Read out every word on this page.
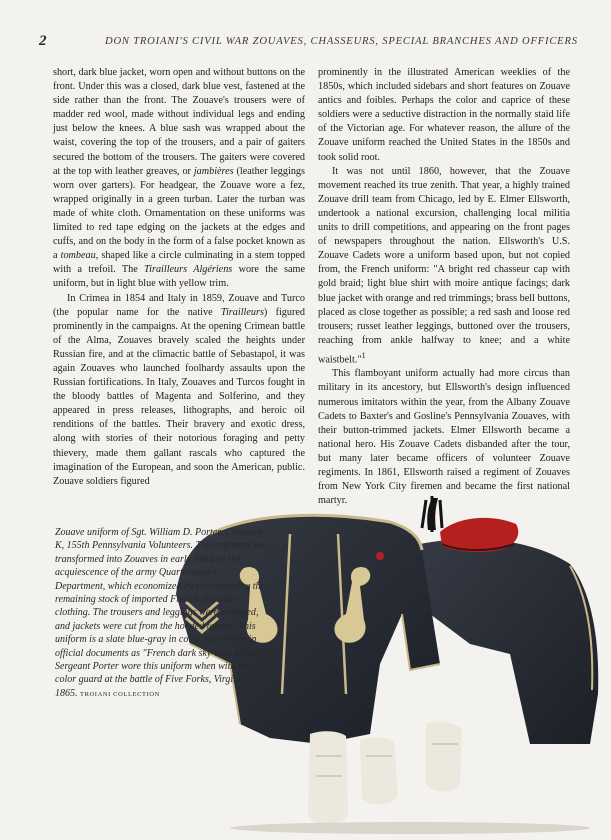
2	DON TROIANI'S CIVIL WAR ZOUAVES, CHASSEURS, SPECIAL BRANCHES AND OFFICERS

short, dark blue jacket, worn open and without buttons on the front. Under this was a closed, dark blue vest, fastened at the side rather than the front. The Zouave's trousers were of madder red wool, made without individual legs and ending just below the knees. A blue sash was wrapped about the waist, covering the top of the trousers, and a pair of gaiters secured the bottom of the trousers. The gaiters were covered at the top with leather greaves, or jambières (leather leggings worn over garters). For headgear, the Zouave wore a fez, wrapped originally in a green turban. Later the turban was made of white cloth. Ornamentation on these uniforms was limited to red tape edging on the jackets at the edges and cuffs, and on the body in the form of a false pocket known as a tombeau, shaped like a circle culminating in a stem topped with a trefoil. The Tirailleurs Algériens wore the same uniform, but in light blue with yellow trim.

In Crimea in 1854 and Italy in 1859, Zouave and Turco (the popular name for the native Tirailleurs) figured prominently in the campaigns. At the opening Crimean battle of the Alma, Zouaves bravely scaled the heights under Russian fire, and at the climactic battle of Sebastapol, it was again Zouaves who launched foolhardy assaults upon the Russian fortifications. In Italy, Zouaves and Turcos fought in the bloody battles of Magenta and Solferino, and they appeared in press releases, lithographs, and heroic oil renditions of the battles. Their bravery and exotic dress, along with stories of their notorious foraging and petty thievery, made them gallant rascals who captured the imagination of the European, and soon the American, public. Zouave soldiers figured

prominently in the illustrated American weeklies of the 1850s, which included sidebars and short features on Zouave antics and foibles. Perhaps the color and caprice of these soldiers were a seductive distraction in the normally staid life of the Victorian age. For whatever reason, the allure of the Zouave uniform reached the United States in the 1850s and took solid root.

It was not until 1860, however, that the Zouave movement reached its true zenith. That year, a highly trained Zouave drill team from Chicago, led by E. Elmer Ellsworth, undertook a national excursion, challenging local militia units to drill competitions, and appearing on the front pages of newspapers throughout the nation. Ellsworth's U.S. Zouave Cadets wore a uniform based upon, but not copied from, the French uniform: "A bright red chasseur cap with gold braid; light blue shirt with moire antique facings; dark blue jacket with orange and red trimmings; brass bell buttons, placed as close together as possible; a red sash and loose red trousers; russet leather leggings, buttoned over the trousers, reaching from ankle halfway to knee; and a white waistbelt."$^1$

This flamboyant uniform actually had more circus than military in its ancestory, but Ellsworth's design influenced numerous imitators within the year, from the Albany Zouave Cadets to Baxter's and Gosline's Pennsylvania Zouaves, with their button-trimmed jackets. Elmer Ellsworth became a national hero. His Zouave Cadets disbanded after the tour, but many later became officers of volunteer Zouave regiments. In 1861, Ellsworth raised a regiment of Zouaves from New York City firemen and became the first national martyr.

Zouave uniform of Sgt. William D. Porter, Company K, 155th Pennsylvania Volunteers. This regiment was transformed into Zouaves in early 1864 by the acquiescence of the army Quartermaster Department, which economized by cannibalizing the remaining stock of imported French chasseur clothing. The trousers and leggings were enlarged, and jackets were cut from the hooded talmas. This uniform is a slate blue-gray in color, referred to in official documents as "French dark sky-blue kersey." Sergeant Porter wore this uniform when with the color guard at the battle of Five Forks, Virginia, in 1865. TROIANI COLLECTION
